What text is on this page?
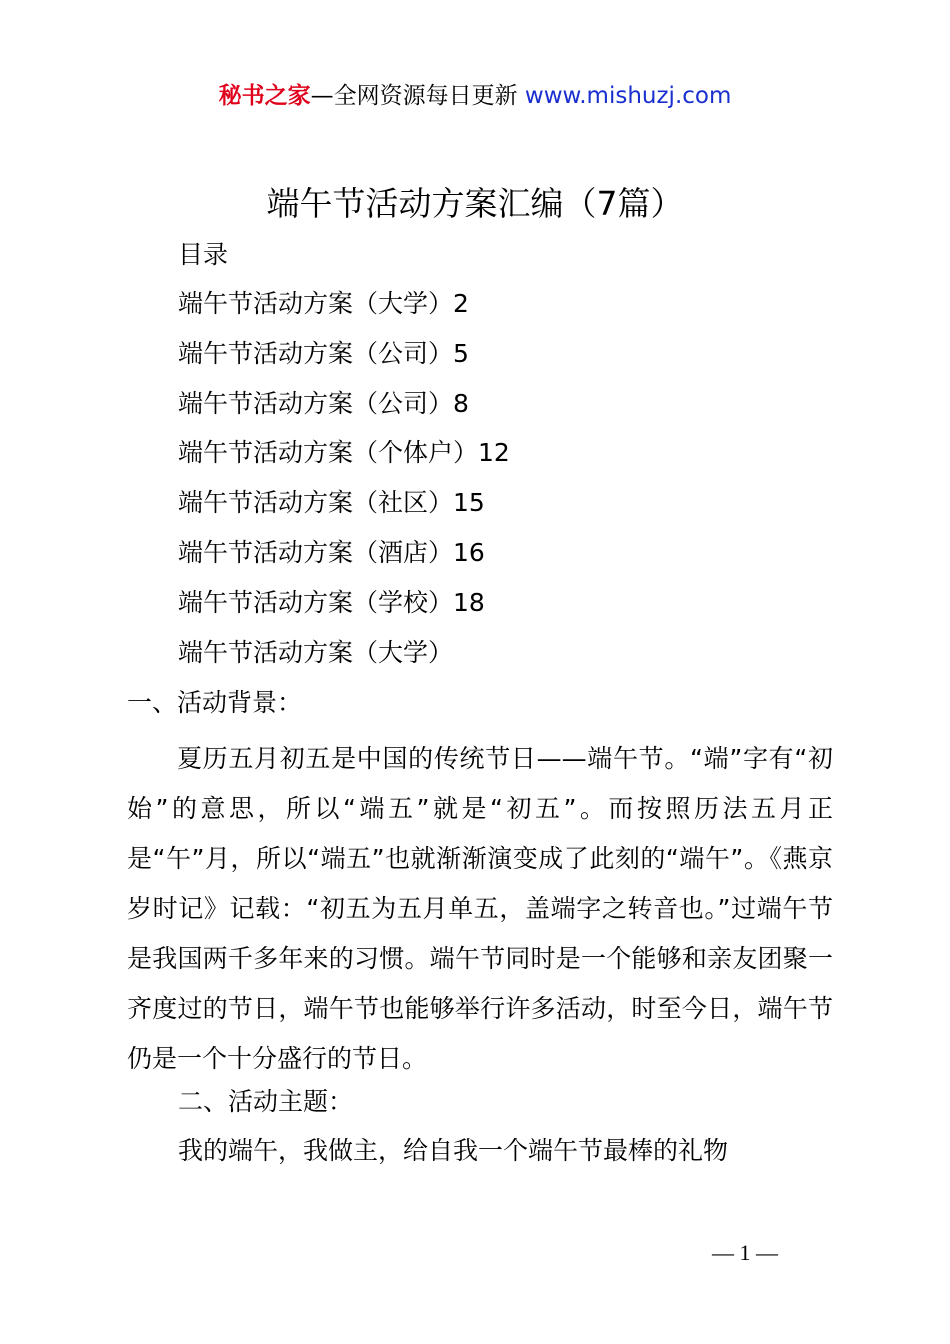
秘书之家—全网资源每日更新 www.mishuzj.com
端午节活动方案汇编（7篇）
目录
端午节活动方案（大学）2
端午节活动方案（公司）5
端午节活动方案（公司）8
端午节活动方案（个体户）12
端午节活动方案（社区）15
端午节活动方案（酒店）16
端午节活动方案（学校）18
端午节活动方案（大学）
一、活动背景：

夏历五月初五是中国的传统节日——端午节。“端”字有“初始”的意思，所以“端五”就是“初五”。而按照历法五月正是“午”月，所以“端五”也就渐渐演变成了此刻的“端午”。《燕京岁时记》记载：“初五为五月单五，盖端字之转音也。”过端午节是我国两千多年来的习惯。端午节同时是一个能够和亲友团聚一齐度过的节日，端午节也能够举行许多活动，时至今日，端午节仍是一个十分盛行的节日。

二、活动主题：
我的端午，我做主，给自我一个端午节最棒的礼物
— 1 —
